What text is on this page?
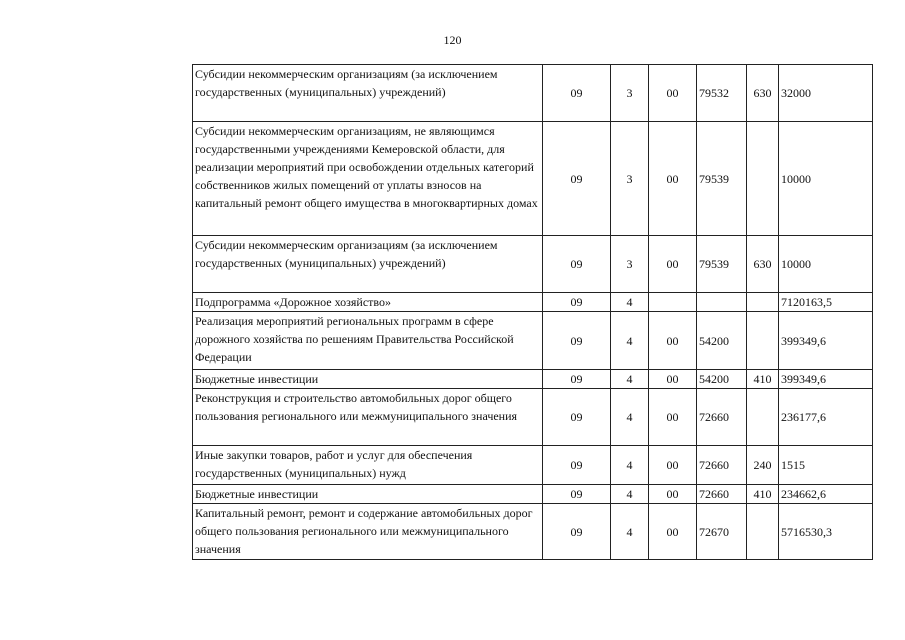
120
Субсидии некоммерческим организациям (за исключением государственных (муниципальных) учреждений)	09	3	00	79532	630	32000
Субсидии некоммерческим организациям, не являющимся государственными учреждениями Кемеровской области, для реализации мероприятий при освобождении отдельных категорий собственников жилых помещений от уплаты взносов на капитальный ремонт общего имущества в многоквартирных домах	09	3	00	79539		10000
Субсидии некоммерческим организациям (за исключением государственных (муниципальных) учреждений)	09	3	00	79539	630	10000
Подпрограмма «Дорожное хозяйство»	09	4				7120163,5
Реализация мероприятий региональных программ в сфере дорожного хозяйства по решениям Правительства Российской Федерации	09	4	00	54200		399349,6
Бюджетные инвестиции	09	4	00	54200	410	399349,6
Реконструкция и строительство автомобильных дорог общего пользования регионального или межмуниципального значения	09	4	00	72660		236177,6
Иные закупки товаров, работ и услуг для обеспечения государственных (муниципальных) нужд	09	4	00	72660	240	1515
Бюджетные инвестиции	09	4	00	72660	410	234662,6
Капитальный ремонт, ремонт и содержание автомобильных дорог общего пользования регионального или межмуниципального значения	09	4	00	72670		5716530,3
